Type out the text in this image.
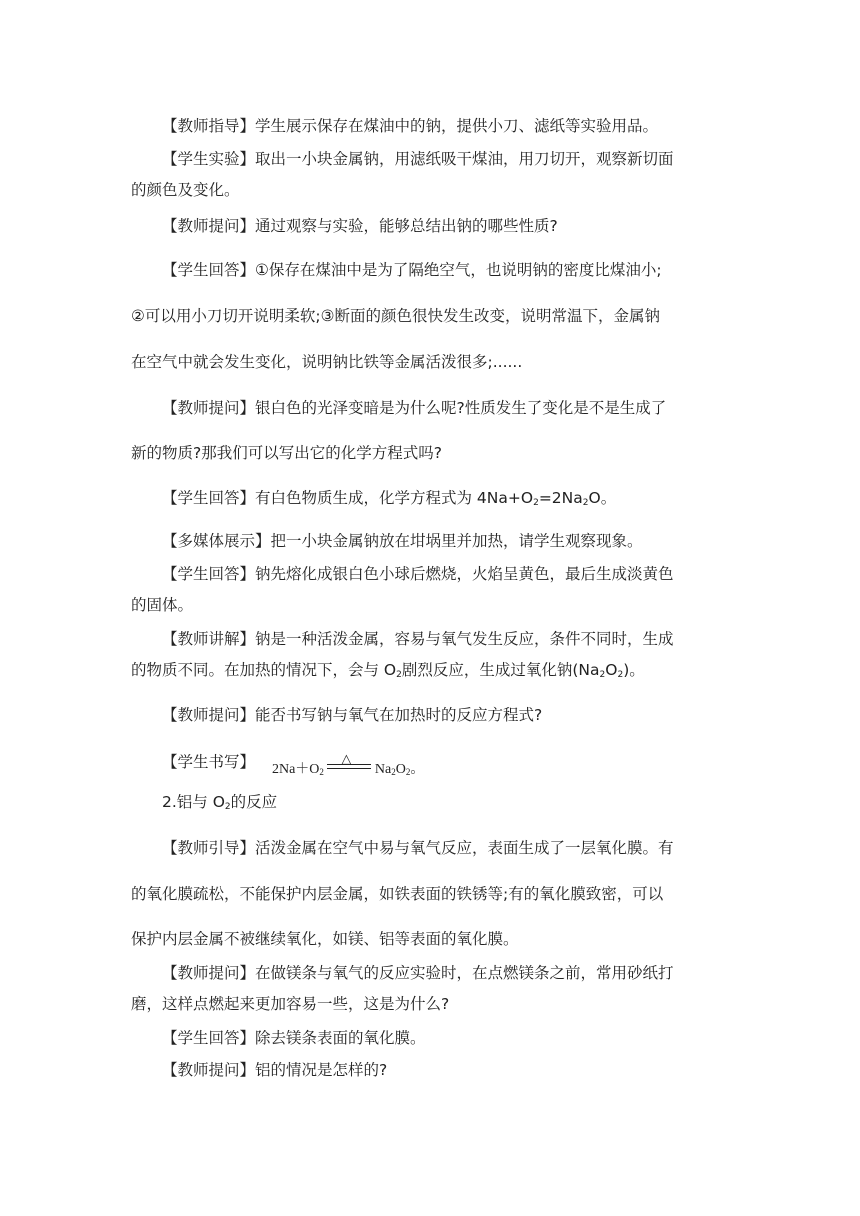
【教师指导】学生展示保存在煤油中的钠，提供小刀、滤纸等实验用品。
【学生实验】取出一小块金属钠，用滤纸吸干煤油，用刀切开，观察新切面
的颜色及变化。
【教师提问】通过观察与实验，能够总结出钠的哪些性质?
【学生回答】①保存在煤油中是为了隔绝空气，也说明钠的密度比煤油小;
②可以用小刀切开说明柔软;③断面的颜色很快发生改变，说明常温下，金属钠
在空气中就会发生变化，说明钠比铁等金属活泼很多;......
【教师提问】银白色的光泽变暗是为什么呢?性质发生了变化是不是生成了
新的物质?那我们可以写出它的化学方程式吗?
【学生回答】有白色物质生成，化学方程式为 $4Na+O_2=2Na_2O$。
【多媒体展示】把一小块金属钠放在坩埚里并加热，请学生观察现象。
【学生回答】钠先熔化成银白色小球后燃烧，火焰呈黄色，最后生成淡黄色
的固体。
【教师讲解】钠是一种活泼金属，容易与氧气发生反应，条件不同时，生成
的物质不同。在加热的情况下，会与 $O_2$剧烈反应，生成过氧化钠$(Na_2O_2)$。
【教师提问】能否书写钠与氧气在加热时的反应方程式?
【学生书写】 $2Na+O_2$
△
$Na_2O_2$。
2.铝与 $O_2$的反应
【教师引导】活泼金属在空气中易与氧气反应，表面生成了一层氧化膜。有
的氧化膜疏松，不能保护内层金属，如铁表面的铁锈等;有的氧化膜致密，可以
保护内层金属不被继续氧化，如镁、铝等表面的氧化膜。
【教师提问】在做镁条与氧气的反应实验时，在点燃镁条之前，常用砂纸打
磨，这样点燃起来更加容易一些，这是为什么?
【学生回答】除去镁条表面的氧化膜。
【教师提问】铝的情况是怎样的?
